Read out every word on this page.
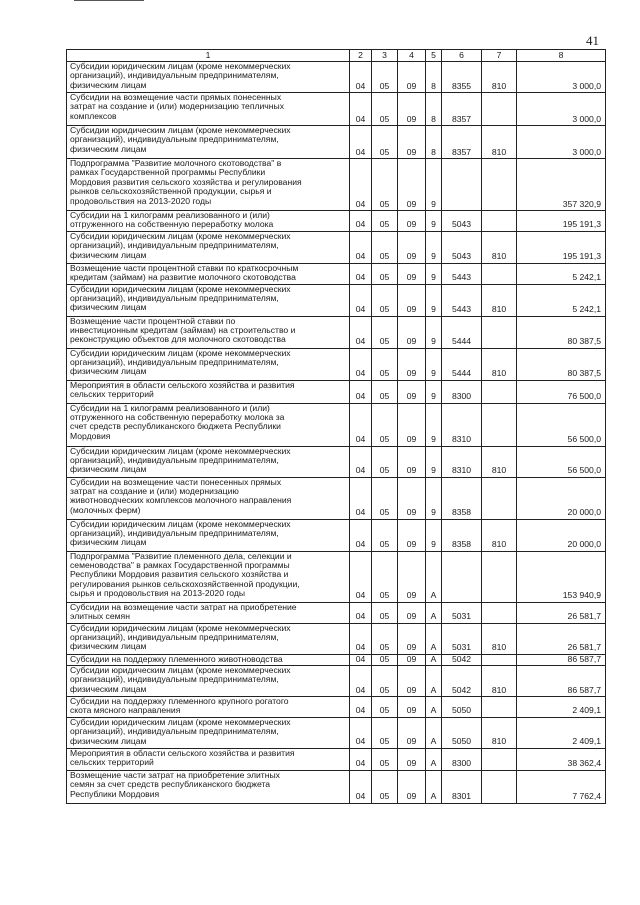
41
1	2	3	4	5	6	7	8
Субсидии юридическим лицам (кроме некоммерческих
организаций), индивидуальным предпринимателям,
физическим лицам	04	05	09	8	8355	810	3 000,0
Субсидии на возмещение части прямых понесенных
затрат на создание и (или) модернизацию тепличных
комплексов	04	05	09	8	8357		3 000,0
Субсидии юридическим лицам (кроме некоммерческих
организаций), индивидуальным предпринимателям,
физическим лицам	04	05	09	8	8357	810	3 000,0
Подпрограмма "Развитие молочного скотоводства" в
рамках Государственной программы Республики
Мордовия развития сельского хозяйства и регулирования
рынков сельскохозяйственной продукции, сырья и
продовольствия на 2013-2020 годы	04	05	09	9			357 320,9
Субсидии на 1 килограмм реализованного и (или)
отгруженного на собственную переработку молока	04	05	09	9	5043		195 191,3
Субсидии юридическим лицам (кроме некоммерческих
организаций), индивидуальным предпринимателям,
физическим лицам	04	05	09	9	5043	810	195 191,3
Возмещение части процентной ставки по краткосрочным
кредитам (займам) на развитие молочного скотоводства	04	05	09	9	5443		5 242,1
Субсидии юридическим лицам (кроме некоммерческих
организаций), индивидуальным предпринимателям,
физическим лицам	04	05	09	9	5443	810	5 242,1
Возмещение части процентной ставки по
инвестиционным кредитам (займам) на строительство и
реконструкцию объектов для молочного скотоводства	04	05	09	9	5444		80 387,5
Субсидии юридическим лицам (кроме некоммерческих
организаций), индивидуальным предпринимателям,
физическим лицам	04	05	09	9	5444	810	80 387,5
Мероприятия в области сельского хозяйства и развития
сельских территорий	04	05	09	9	8300		76 500,0
Субсидии на 1 килограмм реализованного и (или)
отгруженного на собственную переработку молока за
счет средств республиканского бюджета Республики
Мордовия	04	05	09	9	8310		56 500,0
Субсидии юридическим лицам (кроме некоммерческих
организаций), индивидуальным предпринимателям,
физическим лицам	04	05	09	9	8310	810	56 500,0
Субсидии на возмещение части понесенных прямых
затрат на создание и (или) модернизацию
животноводческих комплексов молочного направления
(молочных ферм)	04	05	09	9	8358		20 000,0
Субсидии юридическим лицам (кроме некоммерческих
организаций), индивидуальным предпринимателям,
физическим лицам	04	05	09	9	8358	810	20 000,0
Подпрограмма "Развитие племенного дела, селекции и
семеноводства" в рамках Государственной программы
Республики Мордовия развития сельского хозяйства и
регулирования рынков сельскохозяйственной продукции,
сырья и продовольствия на 2013-2020 годы	04	05	09	А			153 940,9
Субсидии на возмещение части затрат на приобретение
элитных семян	04	05	09	А	5031		26 581,7
Субсидии юридическим лицам (кроме некоммерческих
организаций), индивидуальным предпринимателям,
физическим лицам	04	05	09	А	5031	810	26 581,7
Субсидии на поддержку племенного животноводства	04	05	09	А	5042		86 587,7
Субсидии юридическим лицам (кроме некоммерческих
организаций), индивидуальным предпринимателям,
физическим лицам	04	05	09	А	5042	810	86 587,7
Субсидии на поддержку племенного крупного рогатого
скота мясного направления	04	05	09	А	5050		2 409,1
Субсидии юридическим лицам (кроме некоммерческих
организаций), индивидуальным предпринимателям,
физическим лицам	04	05	09	А	5050	810	2 409,1
Мероприятия в области сельского хозяйства и развития
сельских территорий	04	05	09	А	8300		38 362,4
Возмещение части затрат на приобретение элитных
семян за счет средств республиканского бюджета
Республики Мордовия	04	05	09	А	8301		7 762,4
